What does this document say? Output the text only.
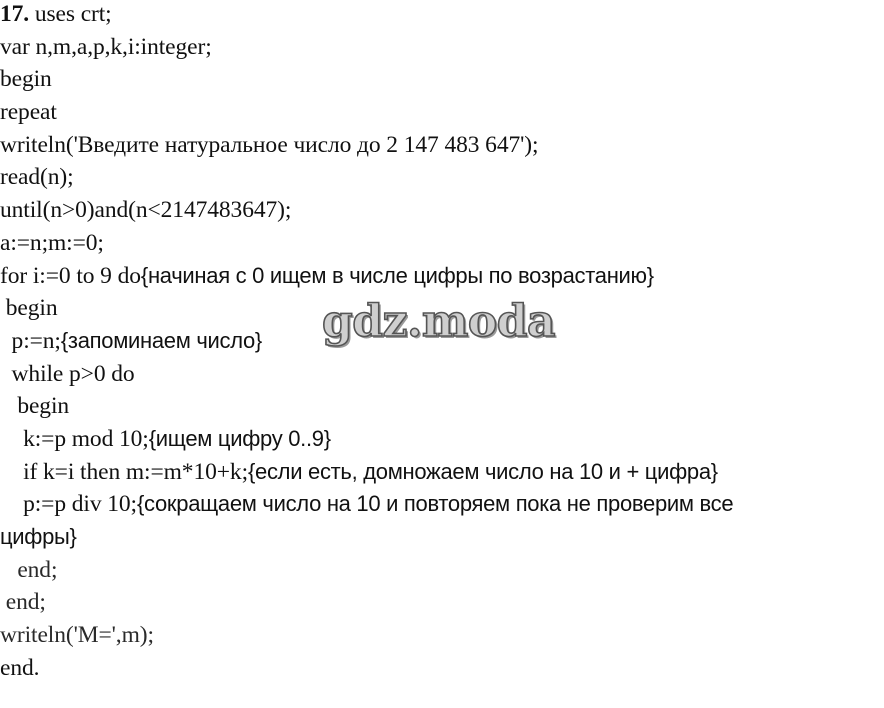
17. uses crt;
var n,m,a,p,k,i:integer;
begin
repeat
writeln('Введите натуральное число до 2 147 483 647');
read(n);
until(n>0)and(n<2147483647);
a:=n;m:=0;
for i:=0 to 9 do{начиная с 0 ищем в числе цифры по возрастанию}
begin
p:=n;{запоминаем число}
while p>0 do
begin
k:=p mod 10;{ищем цифру 0..9}
if k=i then m:=m*10+k;{если есть, домножаем число на 10 и + цифра}
p:=p div 10;{сокращаем число на 10 и повторяем пока не проверим все
цифры}
end;
end;
writeln('M=',m);
end.
gdz.moda
